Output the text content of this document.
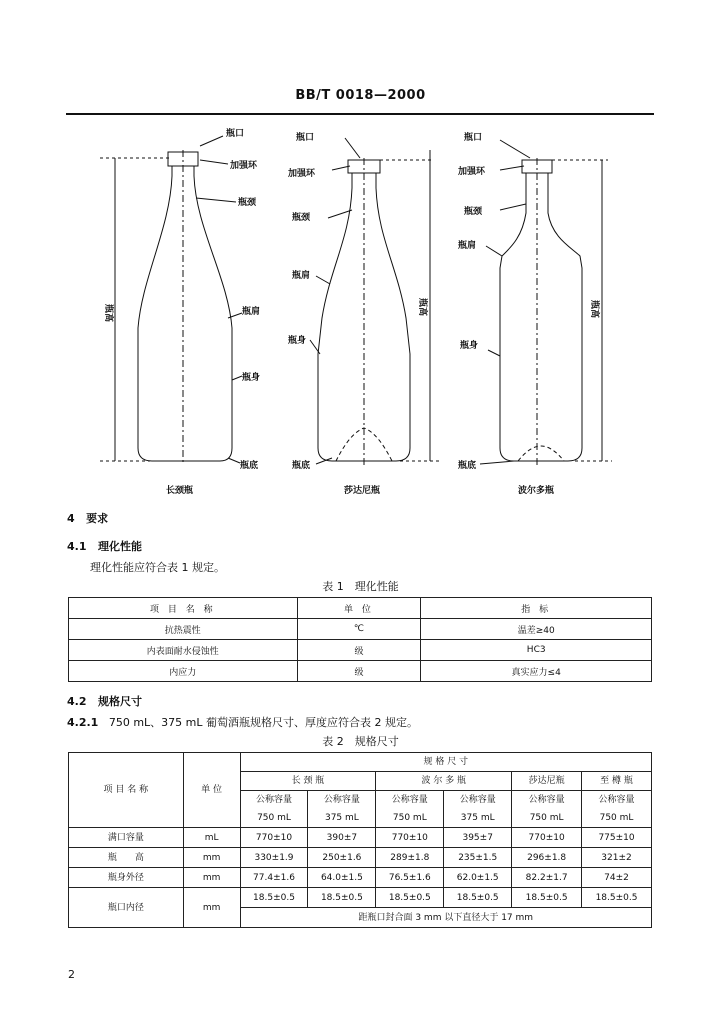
BB/T 0018—2000
瓶口
加强环
瓶颈
瓶肩
瓶身
瓶底
瓶高
长颈瓶
瓶口
加强环
瓶颈
瓶肩
瓶身
瓶底
瓶高
莎达尼瓶
瓶口
加强环
瓶颈
瓶肩
瓶身
瓶底
瓶高
波尔多瓶
4 要求
4.1 理化性能
理化性能应符合表 1 规定。
表 1　理化性能
项 目 名 称	单 位	指 标
抗热震性	℃	温差≥40
内表面耐水侵蚀性	级	HC3
内应力	级	真实应力≤4
4.2 规格尺寸
4.2.1 750 mL、375 mL 葡萄酒瓶规格尺寸、厚度应符合表 2 规定。
表 2　规格尺寸
项 目 名 称	单 位	规 格 尺 寸					
		长 颈 瓶		波 尔 多 瓶		莎达尼瓶	至 樽 瓶
		公称容量	公称容量	公称容量	公称容量	公称容量	公称容量
		750 mL	375 mL	750 mL	375 mL	750 mL	750 mL
满口容量	mL	770±10	390±7	770±10	395±7	770±10	775±10
瓶　　高	mm	330±1.9	250±1.6	289±1.8	235±1.5	296±1.8	321±2
瓶身外径	mm	77.4±1.6	64.0±1.5	76.5±1.6	62.0±1.5	82.2±1.7	74±2
瓶口内径	mm	18.5±0.5	18.5±0.5	18.5±0.5	18.5±0.5	18.5±0.5	18.5±0.5
		距瓶口封合面 3 mm 以下直径大于 17 mm					
2
